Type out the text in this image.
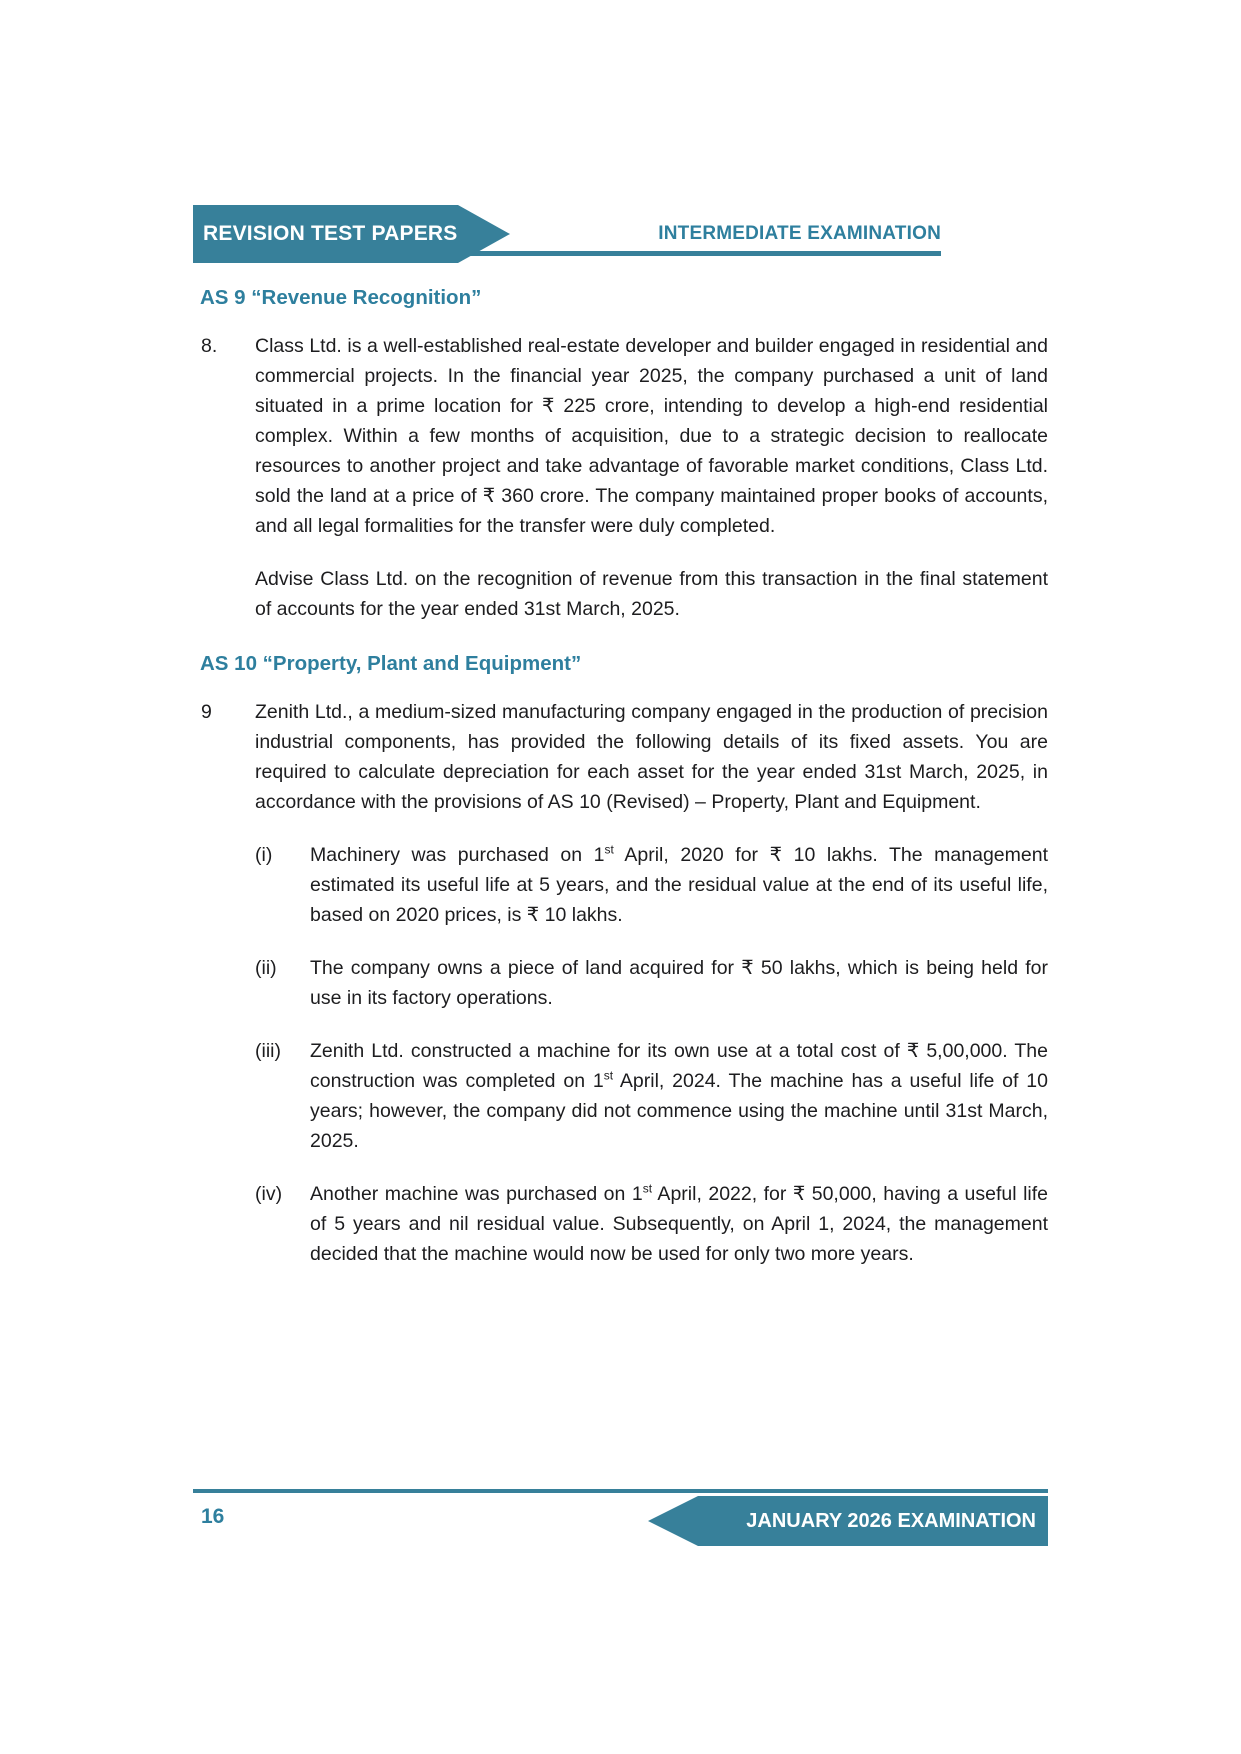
REVISION TEST PAPERS	INTERMEDIATE EXAMINATION
AS 9 “Revenue Recognition”
8.	Class Ltd. is a well-established real-estate developer and builder engaged in residential and commercial projects. In the financial year 2025, the company purchased a unit of land situated in a prime location for ₹ 225 crore, intending to develop a high-end residential complex. Within a few months of acquisition, due to a strategic decision to reallocate resources to another project and take advantage of favorable market conditions, Class Ltd. sold the land at a price of ₹ 360 crore. The company maintained proper books of accounts, and all legal formalities for the transfer were duly completed.

Advise Class Ltd. on the recognition of revenue from this transaction in the final statement of accounts for the year ended 31st March, 2025.

AS 10 “Property, Plant and Equipment”
9	Zenith Ltd., a medium-sized manufacturing company engaged in the production of precision industrial components, has provided the following details of its fixed assets. You are required to calculate depreciation for each asset for the year ended 31st March, 2025, in accordance with the provisions of AS 10 (Revised) – Property, Plant and Equipment.

(i)	Machinery was purchased on 1st April, 2020 for ₹ 10 lakhs. The management estimated its useful life at 5 years, and the residual value at the end of its useful life, based on 2020 prices, is ₹ 10 lakhs.
(ii)	The company owns a piece of land acquired for ₹ 50 lakhs, which is being held for use in its factory operations.
(iii)	Zenith Ltd. constructed a machine for its own use at a total cost of ₹ 5,00,000. The construction was completed on 1st April, 2024. The machine has a useful life of 10 years; however, the company did not commence using the machine until 31st March, 2025.
(iv)	Another machine was purchased on 1st April, 2022, for ₹ 50,000, having a useful life of 5 years and nil residual value. Subsequently, on April 1, 2024, the management decided that the machine would now be used for only two more years.
JANUARY 2026 EXAMINATION
16
